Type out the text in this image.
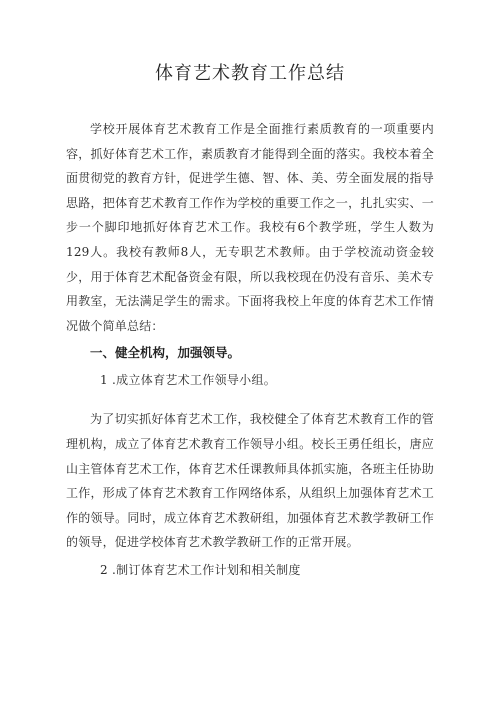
体育艺术教育工作总结

学校开展体育艺术教育工作是全面推行素质教育的一项重要内容，抓好体育艺术工作，素质教育才能得到全面的落实。我校本着全面贯彻党的教育方针，促进学生德、智、体、美、劳全面发展的指导思路，把体育艺术教育工作作为学校的重要工作之一，扎扎实实、一步一个脚印地抓好体育艺术工作。我校有6个教学班，学生人数为129人。我校有教师8人，无专职艺术教师。由于学校流动资金较少，用于体育艺术配备资金有限，所以我校现在仍没有音乐、美术专用教室，无法满足学生的需求。下面将我校上年度的体育艺术工作情况做个简单总结：

一、健全机构，加强领导。

1 .成立体育艺术工作领导小组。

为了切实抓好体育艺术工作，我校健全了体育艺术教育工作的管理机构，成立了体育艺术教育工作领导小组。校长王勇任组长，唐应山主管体育艺术工作，体育艺术任课教师具体抓实施，各班主任协助工作，形成了体育艺术教育工作网络体系，从组织上加强体育艺术工作的领导。同时，成立体育艺术教研组，加强体育艺术教学教研工作的领导，促进学校体育艺术教学教研工作的正常开展。

2 .制订体育艺术工作计划和相关制度
